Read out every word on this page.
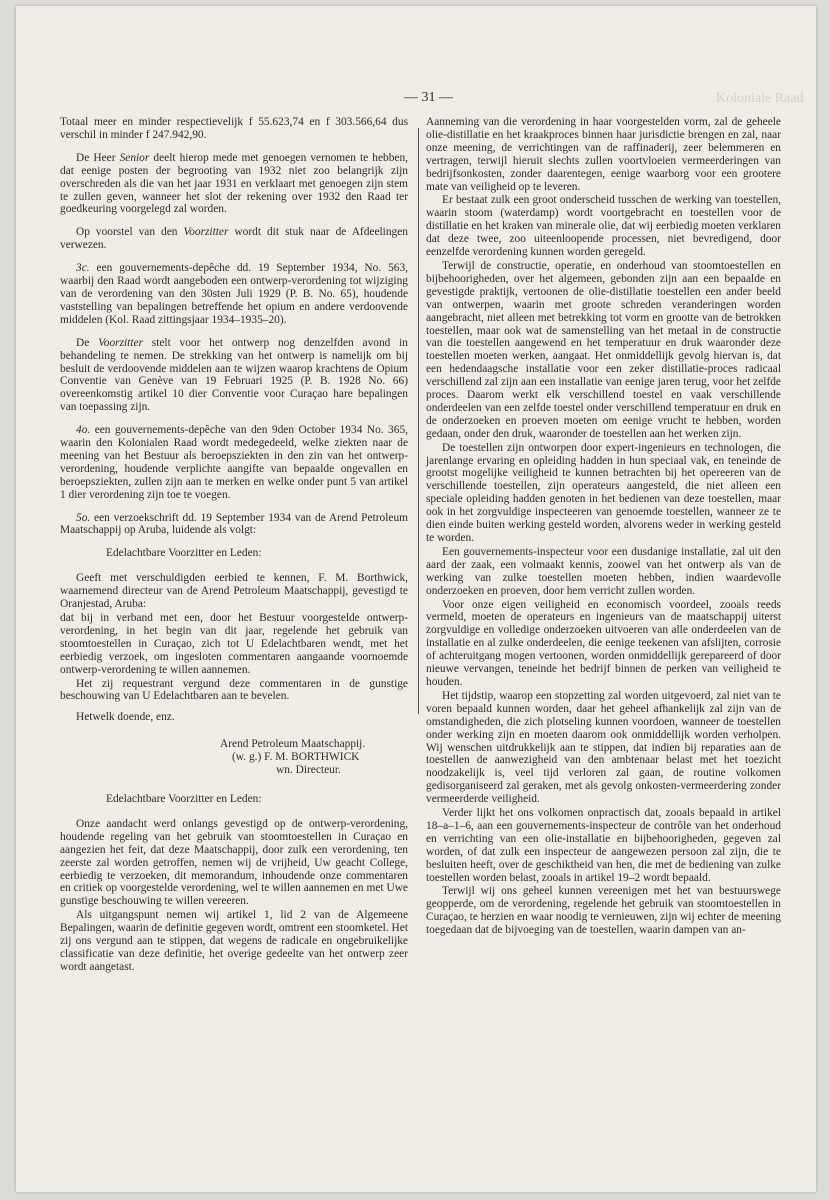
— 31 —	Koloniale Raad

Totaal meer en minder respectievelijk f 55.623,74 en f 303.566,64 dus verschil in minder f 247.942,90.

De Heer Senior deelt hierop mede met genoegen vernomen te hebben, dat eenige posten der begrooting van 1932 niet zoo belangrijk zijn overschreden als die van het jaar 1931 en verklaart met genoegen zijn stem te zullen geven, wanneer het slot der rekening over 1932 den Raad ter goedkeuring voorgelegd zal worden.

Op voorstel van den Voorzitter wordt dit stuk naar de Afdeelingen verwezen.

3c. een gouvernements-depêche dd. 19 September 1934, No. 563, waarbij den Raad wordt aangeboden een ontwerp-verordening tot wijziging van de verordening van den 30sten Juli 1929 (P. B. No. 65), houdende vaststelling van bepalingen betreffende het opium en andere verdoovende middelen (Kol. Raad zittingsjaar 1934–1935–20).

De Voorzitter stelt voor het ontwerp nog denzelfden avond in behandeling te nemen. De strekking van het ontwerp is namelijk om bij besluit de verdoovende middelen aan te wijzen waarop krachtens de Opium Conventie van Genève van 19 Februari 1925 (P. B. 1928 No. 66) overeenkomstig artikel 10 dier Conventie voor Curaçao hare bepalingen van toepassing zijn.

4o. een gouvernements-depêche van den 9den October 1934 No. 365, waarin den Kolonialen Raad wordt medegedeeld, welke ziekten naar de meening van het Bestuur als beroepsziekten in den zin van het ontwerp-verordening, houdende verplichte aangifte van bepaalde ongevallen en beroepsziekten, zullen zijn aan te merken en welke onder punt 5 van artikel 1 dier verordening zijn toe te voegen.

5o. een verzoekschrift dd. 19 September 1934 van de Arend Petroleum Maatschappij op Aruba, luidende als volgt:

Edelachtbare Voorzitter en Leden:

Geeft met verschuldigden eerbied te kennen, F. M. Borthwick, waarnemend directeur van de Arend Petroleum Maatschappij, gevestigd te Oranjestad, Aruba:

dat bij in verband met een, door het Bestuur voorgestelde ontwerp-verordening, in het begin van dit jaar, regelende het gebruik van stoomtoestellen in Curaçao, zich tot U Edelachtbaren wendt, met het eerbiedig verzoek, om ingesloten commentaren aangaande voornoemde ontwerp-verordening te willen aannemen.

Het zij requestrant vergund deze commentaren in de gunstige beschouwing van U Edelachtbaren aan te bevelen.

Hetwelk doende, enz.

Arend Petroleum Maatschappij.

(w. g.) F. M. BORTHWICK

wn. Directeur.

Edelachtbare Voorzitter en Leden:

Onze aandacht werd onlangs gevestigd op de ontwerp-verordening, houdende regeling van het gebruik van stoomtoestellen in Curaçao en aangezien het feit, dat deze Maatschappij, door zulk een verordening, ten zeerste zal worden getroffen, nemen wij de vrijheid, Uw geacht College, eerbiedig te verzoeken, dit memorandum, inhoudende onze commentaren en critiek op voorgestelde verordening, wel te willen aannemen en met Uwe gunstige beschouwing te willen vereeren.

Als uitgangspunt nemen wij artikel 1, lid 2 van de Algemeene Bepalingen, waarin de definitie gegeven wordt, omtrent een stoomketel. Het zij ons vergund aan te stippen, dat wegens de radicale en ongebruikelijke classificatie van deze definitie, het overige gedeelte van het ontwerp zeer wordt aangetast.

Aanneming van die verordening in haar voorgestelden vorm, zal de geheele olie-distillatie en het kraakproces binnen haar jurisdictie brengen en zal, naar onze meening, de verrichtingen van de raffinaderij, zeer belemmeren en vertragen, terwijl hieruit slechts zullen voortvloeien vermeerderingen van bedrijfsonkosten, zonder daarentegen, eenige waarborg voor een grootere mate van veiligheid op te leveren.

Er bestaat zulk een groot onderscheid tusschen de werking van toestellen, waarin stoom (waterdamp) wordt voortgebracht en toestellen voor de distillatie en het kraken van minerale olie, dat wij eerbiedig moeten verklaren dat deze twee, zoo uiteenloopende processen, niet bevredigend, door eenzelfde verordening kunnen worden geregeld.

Terwijl de constructie, operatie, en onderhoud van stoomtoestellen en bijbehoorigheden, over het algemeen, gebonden zijn aan een bepaalde en gevestigde praktijk, vertoonen de olie-distillatie toestellen een ander beeld van ontwerpen, waarin met groote schreden veranderingen worden aangebracht, niet alleen met betrekking tot vorm en grootte van de betrokken toestellen, maar ook wat de samenstelling van het metaal in de constructie van die toestellen aangewend en het temperatuur en druk waaronder deze toestellen moeten werken, aangaat. Het onmiddellijk gevolg hiervan is, dat een hedendaagsche installatie voor een zeker distillatie-proces radicaal verschillend zal zijn aan een installatie van eenige jaren terug, voor het zelfde proces. Daarom werkt elk verschillend toestel en vaak verschillende onderdeelen van een zelfde toestel onder verschillend temperatuur en druk en de onderzoeken en proeven moeten om eenige vrucht te hebben, worden gedaan, onder den druk, waaronder de toestellen aan het werken zijn.

De toestellen zijn ontworpen door expert-ingenieurs en technologen, die jarenlange ervaring en opleiding hadden in hun speciaal vak, en teneinde de grootst mogelijke veiligheid te kunnen betrachten bij het opereeren van de verschillende toestellen, zijn operateurs aangesteld, die niet alleen een speciale opleiding hadden genoten in het bedienen van deze toestellen, maar ook in het zorgvuldige inspecteeren van genoemde toestellen, wanneer ze te dien einde buiten werking gesteld worden, alvorens weder in werking gesteld te worden.

Een gouvernements-inspecteur voor een dusdanige installatie, zal uit den aard der zaak, een volmaakt kennis, zoowel van het ontwerp als van de werking van zulke toestellen moeten hebben, indien waardevolle onderzoeken en proeven, door hem verricht zullen worden.

Voor onze eigen veiligheid en economisch voordeel, zooals reeds vermeld, moeten de operateurs en ingenieurs van de maatschappij uiterst zorgvuldige en volledige onderzoeken uitvoeren van alle onderdeelen van de installatie en al zulke onderdeelen, die eenige teekenen van afslijten, corrosie of achteruitgang mogen vertoonen, worden onmiddellijk gerepareerd of door nieuwe vervangen, teneinde het bedrijf binnen de perken van veiligheid te houden.

Het tijdstip, waarop een stopzetting zal worden uitgevoerd, zal niet van te voren bepaald kunnen worden, daar het geheel afhankelijk zal zijn van de omstandigheden, die zich plotseling kunnen voordoen, wanneer de toestellen onder werking zijn en moeten daarom ook onmiddellijk worden verholpen. Wij wenschen uitdrukkelijk aan te stippen, dat indien bij reparaties aan de toestellen de aanwezigheid van den ambtenaar belast met het toezicht noodzakelijk is, veel tijd verloren zal gaan, de routine volkomen gedisorganiseerd zal geraken, met als gevolg onkosten-vermeerdering zonder vermeerderde veiligheid.

Verder lijkt het ons volkomen onpractisch dat, zooals bepaald in artikel 18–a–1–6, aan een gouvernements-inspecteur de contrôle van het onderhoud en verrichting van een olie-installatie en bijbehoorigheden, gegeven zal worden, of dat zulk een inspecteur de aangewezen persoon zal zijn, die te besluiten heeft, over de geschiktheid van hen, die met de bediening van zulke toestellen worden belast, zooals in artikel 19–2 wordt bepaald.

Terwijl wij ons geheel kunnen vereenigen met het van bestuurswege geopperde, om de verordening, regelende het gebruik van stoomtoestellen in Curaçao, te herzien en waar noodig te vernieuwen, zijn wij echter de meening toegedaan dat de bijvoeging van de toestellen, waarin dampen van an-
